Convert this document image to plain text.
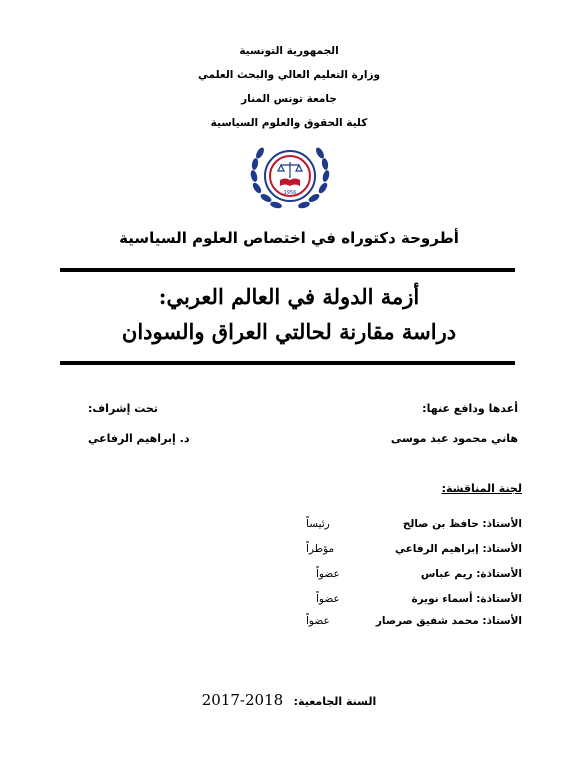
الجمهورية التونسية
وزارة التعليم العالي والبحث العلمي
جامعة تونس المنار
كلية الحقوق والعلوم السياسية
1956
أطروحة دكتوراه في اختصاص العلوم السياسية
أزمة الدولة في العالم العربي:
دراسة مقارنة لحالتي العراق والسودان
أعدها ودافع عنها:
هاني محمود عبد موسى
تحت إشراف:
د. إبراهيم الرفاعي
لجنة المناقشة:
الأستاذ: حافظ بن صالح
رئيساً
الأستاذ: إبراهيم الرفاعي
مؤطراً
الأستاذة: ريم عباس
عضواً
الأستاذة: أسماء نويرة
عضواً
الأستاذ: محمد شفيق صرصار
عضواً
السنة الجامعية: 2018-2017
